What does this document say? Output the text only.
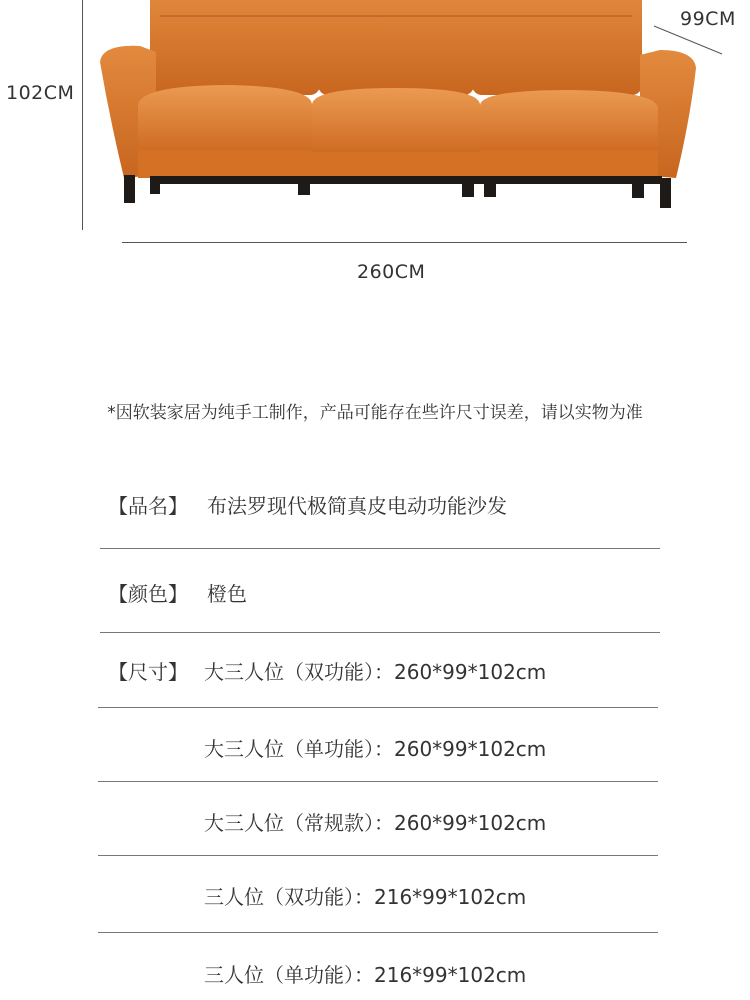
102CM
99CM
260CM
*因软装家居为纯手工制作，产品可能存在些许尺寸误差，请以实物为准
【品名】 布法罗现代极简真皮电动功能沙发
【颜色】 橙色
【尺寸】 大三人位（双功能）：260*99*102cm
大三人位（单功能）：260*99*102cm
大三人位（常规款）：260*99*102cm
三人位（双功能）：216*99*102cm
三人位（单功能）：216*99*102cm
